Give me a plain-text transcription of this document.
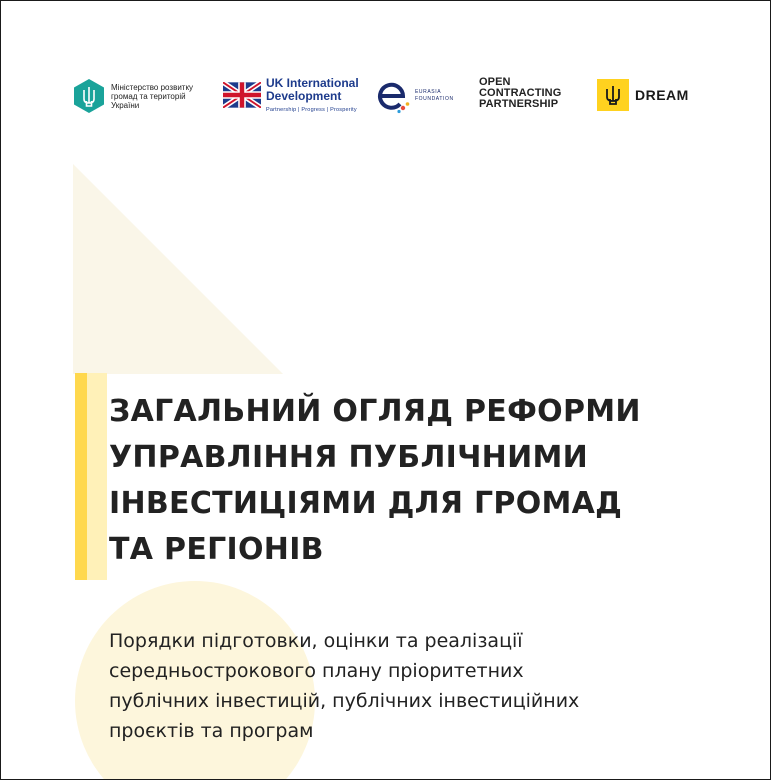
Міністерство розвитку
громад та територій
України
UK International
Development
Partnership | Progress | Prosperity
EURASIA
FOUNDATION
OPEN
CONTRACTING
PARTNERSHIP
DREAM
ЗАГАЛЬНИЙ ОГЛЯД РЕФОРМИ
УПРАВЛІННЯ ПУБЛІЧНИМИ
ІНВЕСТИЦІЯМИ ДЛЯ ГРОМАД
ТА РЕГІОНІВ
Порядки підготовки, оцінки та реалізації
середньострокового плану пріоритетних
публічних інвестицій, публічних інвестиційних
проєктів та програм
